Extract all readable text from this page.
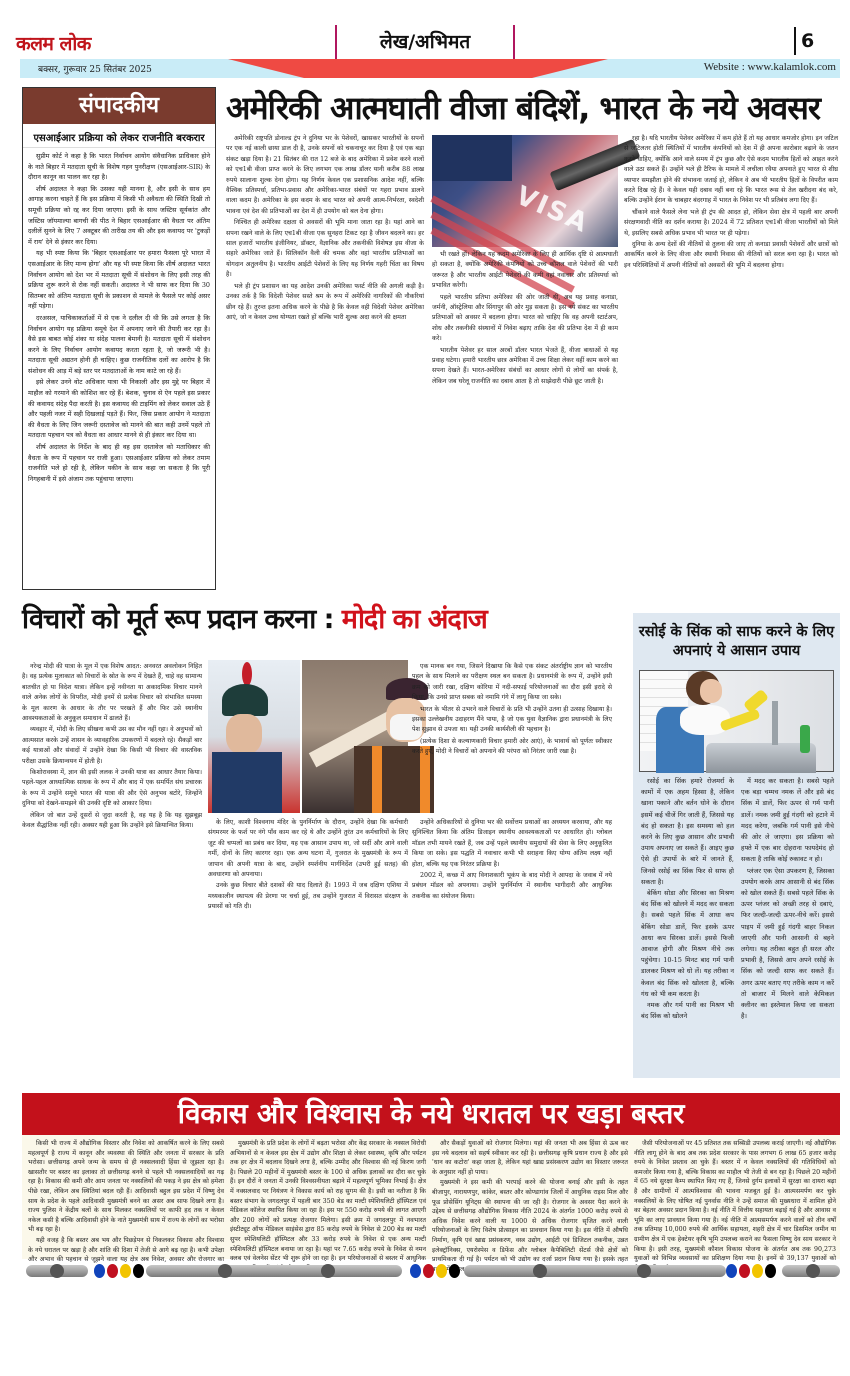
कलम लोक	लेख/अभिमत	6
बक्सर, गुरूवार 25 सितंबर 2025	Website : www.kalamlok.com
संपादकीय
एसआईआर प्रक्रिया को लेकर राजनीति बरकरार

सुप्रीम कोर्ट ने कहा है कि भारत निर्वाचन आयोग संवैधानिक प्राधिकार होने के नाते बिहार में मतदाता सूची के विशेष गहन पुनरीक्षण (एसआईआर-SIR) के दौरान कानून का पालन कर रहा है।

शीर्ष अदालत ने कहा कि उसका यही मानना है, और इसी के साथ हम आगाह करना चाहते हैं कि इस प्रक्रिया में किसी भी अवैधता की स्थिति दिखी तो समूची प्रक्रिया को रद्द कर दिया जाएगा। इसी के साथ जस्टिस सूर्यकांत और जस्टिस जॉयमाल्या बागची की पीठ ने बिहार एसआईआर की वैधता पर अंतिम दलीलें सुनने के लिए 7 अक्टूबर की तारीख तय की और इस कवायद पर 'टुकड़ों में राय' देने से इंकार कर दिया।

यह भी स्पष्ट किया कि 'बिहार एसआईआर पर हमारा फैसला पूरे भारत में एसआईआर के लिए मान्य होगा' और यह भी स्पष्ट किया कि शीर्ष अदालत भारत निर्वाचन आयोग को देश भर में मतदाता सूची में संशोधन के लिए इसी तरह की प्रक्रिया शुरू करने से रोक नहीं सकती। अदालत ने भी साफ कर दिया कि 30 सितम्बर को अंतिम मतदाता सूची के प्रकाशन से मामले के फैसले पर कोई असर नहीं पड़ेगा।

दरअसल, याचिकाकर्ताओं में से एक ने दलील दी थी कि उसे लगता है कि निर्वाचन आयोग यह प्रक्रिया समूचे देश में अपनाए जाने की तैयारी कर रहा है। वैसे इस बाबत कोई शंका या संदेह पालना बेमानी है। मतदाता सूची में संशोधन करने के लिए निर्वाचन आयोग कवायद करता रहता है, जो जरूरी भी है। मतदाता सूची अद्यतन होनी ही चाहिए। कुछ राजनीतिक दलों का आरोप है कि संशोधन की आड़ में बड़े स्तर पर मतदाताओं के नाम काटे जा रहे हैं।

इसे लेकर उनने वोट अधिकार यात्रा भी निकाली और इस मुद्दे पर बिहार में माहौल को गरमाने की कोशिश कर रहे हैं। बेशक, चुनाव से ऐन पहले इस प्रकार की कवायद संदेह पैदा करती है। इस कवायद की टाइमिंग को लेकर सवाल उठे हैं और पहली नजर में सही दिखलाई पड़ते हैं। फिर, जिस प्रकार आयोग ने मतदाता की वैधता के लिए जिन जरूरी दस्तावेज को मानने की बात कही उनमें पहले तो मतदाता पहचान पत्र को वैधता का आधार मानने से ही इंकार कर दिया था।

शीर्ष अदालत के निर्देश के बाद ही वह इस दस्तावेज को मताधिकार की वैधता के रूप में पहचान पर राजी हुआ। एसआईआर प्रक्रिया को लेकर तमाम राजनीति भले हो रही है, लेकिन यकीन के साथ कहा जा सकता है कि पूरी निगहबानी में इसे अंजाम तक पहुंचाया जाएगा।

अमेरिकी आत्मघाती वीजा बंदिशें, भारत के नये अवसर

अमेरिकी राष्ट्रपति डोनाल्ड ट्रंप ने दुनिया भर के पेशेवरों, खासकर भारतीयों के सपनों पर एक नई काली छाया डाल दी है, उनके सपनों को चकनाचूर कर दिया है एवं एक बड़ा संकट खड़ा दिया है। 21 सितंबर की रात 12 बजे के बाद अमेरिका में प्रवेश करने वालों को एच1बी वीजा प्राप्त करने के लिए लगभग एक लाख डॉलर यानी करीब 88 लाख रुपये सालाना शुल्क देना होगा। यह निर्णय केवल एक प्रशासनिक आदेश नहीं, बल्कि वैश्विक प्रतिस्पर्धा, प्रतिभा-प्रवास और अमेरिका-भारत संबंधों पर गहरा प्रभाव डालने वाला कदम है। अमेरिका के इस कदम के बाद भारत को अपनी आत्म-निर्भरता, स्वदेशी भावना एवं देश की प्रतिभाओं का देश में ही उपयोग को बल देना होगा।

निश्चित ही अमेरिका दक्षता से अवसरों की भूमि माना जाता रहा है। यहां आने का सपना रखने वाले के लिए एच1बी वीजा एक सुनहरा टिकट रहा है जीवन बदलने का। हर साल हजारों भारतीय इंजीनियर, डॉक्टर, वैज्ञानिक और तकनीकी विशेषज्ञ इस वीजा के सहारे अमेरिका जाते हैं। सिलिकॉन वैली की चमक और वहां भारतीय प्रतिभाओं का योगदान अतुलनीय है। भारतीय आईटी पेशेवरों के लिए यह निर्णय गहरी चिंता का विषय है।

भले ही ट्रंप प्रशासन का यह आदेश उनकी अमेरिका फर्स्ट नीति की अगली कड़ी है। उनका तर्क है कि विदेशी पेशेवर सस्ते श्रम के रूप में अमेरिकी नागरिकों की नौकरियां छीन रहे हैं। तुरन्त इतना अधिक करने के पीछे है कि केवल वही विदेशी पेशेवर अमेरिका आएं, जो न केवल उच्च योग्यता रखते हों बल्कि भारी शुल्क अदा करने की क्षमता

VISA

भी रखते हों। लेकिन यह कदम अमेरिका के लिए ही आर्थिक दृष्टि से आत्मघाती हो सकता है, क्योंकि अमेरिकी कंपनियों को उच्च कौशल वाले पेशेवरों की भारी जरूरत है और भारतीय आईटी पेशेवरों की कमी वहां नवाचार और प्रतिस्पर्धा को प्रभावित करेगी।

पहले भारतीय प्रतिभा अमेरिका की ओर जाती थी, अब यह प्रवाह कनाडा, जर्मनी, ऑस्ट्रेलिया और सिंगापुर की ओर मुड़ सकता है। इस नये संकट का भारतीय प्रतिभाओं को अवसर में बदलना होगा। भारत को चाहिए कि वह अपनी स्टार्टअप, शोध और तकनीकी संस्थानों में निवेश बढ़ाए ताकि देश की प्रतिभा देश में ही काम करे।

भारतीय पेशेवर हर साल अरबों डॉलर भारत भेजते हैं, वीजा बाधाओं से यह प्रवाह घटेगा। हमारी भारतीय छात्र अमेरिका में उच्च शिक्षा लेकर वहीं काम करने का सपना देखते हैं। भारत-अमेरिका संबंधों का आधार लोगों से लोगों का संपर्क है, लेकिन जब घरेलू राजनीति का दबाव आता है तो साझेदारी पीछे छूट जाती है।

रहा है। यदि भारतीय पेशेवर अमेरिका में कम होते हैं तो यह आधार कमजोर होगा। इन जटिल से जटिलतर होती स्थितियों में भारतीय कंपनियों को देश में ही अपना कारोबार बढ़ाने के जतन करने चाहिए, क्योंकि आने वाले समय में ट्रंप कुछ और ऐसे कदम भारतीय हितों को आहत करने वाले उठा सकते हैं। उन्होंने भले ही टैरिफ के मामले में लचीला रवैया अपनाते हुए भारत से शीघ्र व्यापार समझौता होने की संभावना जताई हो, लेकिन वे अब भी भारतीय हितों के विपरीत काम करते दिख रहे हैं। वे केवल यही दबाव नहीं बना रहे कि भारत रूस से तेल खरीदना बंद करे, बल्कि उन्होंने ईरान के चाबहार बंदरगाह में भारत के निवेश पर भी प्रतिबंध लगा दिए हैं।

चौंकाने वाले फैसले लेना भले ही ट्रंप की आदत हो, लेकिन सेवा क्षेत्र में पहली बार अपनी संरक्षणवादी नीति का दर्शन कराया है। 2024 में 72 प्रतिशत एच1बी वीजा भारतीयों को मिले थे, इसलिए सबसे अधिक प्रभाव भी भारत पर ही पड़ेगा।

दुनिया के अन्य देशों की नीतियों से तुलना की जाए तो कनाडा प्रवासी पेशेवरों और छात्रों को आकर्षित करने के लिए वीजा और स्थायी निवास की नीतियों को सरल बना रहा है। भारत को इन परिस्थितियों में अपनी नीतियों को अवसरों की भूमि में बदलना होगा।

विचारों को मूर्त रूप प्रदान करना : मोदी का अंदाज

नरेन्द्र मोदी की यात्रा के मूल में एक विशेष आदत: अनवरत अवलोकन निहित है। वह प्रत्येक मुलाकात को विचारों के स्रोत के रूप में देखते हैं, चाहे वह सामान्य बातचीत हो या विदेश यात्रा। लेकिन इन्हें नवीनता या अकादमिक विचार मानने वाले अनेक लोगों के विपरीत, मोदी इनमें से प्रत्येक विचार को संभावित समस्या के मूल कारण के आधार के तौर पर परखते हैं और फिर उसे स्थानीय आवश्यकताओं के अनुकूल समाधान में ढालते हैं।

व्यवहार में, मोदी के लिए सीखना कभी उस का मौन नहीं रहा। वे अनुभवों को आत्मसात करके उन्हें शासन के व्यावहारिक उपकरणों में बदलते रहे। सैकड़ों बार कई यात्राओं और संवादों में उन्होंने देखा कि किसी भी विचार की वास्तविक परीक्षा उसके क्रियान्वयन में होती है।

किशोरावस्था में, ज्ञान की इसी ललक ने उनकी यात्रा का आधार तैयार किया। पहले-पहल आध्यात्मिक साधक के रूप में और बाद में एक समर्पित संघ प्रचारक के रूप में उन्होंने समूचे भारत की यात्रा की और ऐसे अनुभव बटोरे, जिन्होंने दुनिया को देखने-समझने की उनकी दृष्टि को आकार दिया।

लेकिन जो बात उन्हें दूसरों से जुदा करती है, वह यह है कि यह सुझबूझ केवल सैद्धांतिक नहीं रही। अक्सर यही हुआ कि उन्होंने इसे क्रियान्वित किया।	के लिए, काशी विश्वनाथ मंदिर के पुनर्निर्माण के दौरान, उन्होंने देखा कि कर्मचारी संगमरमर के फर्श पर नंगे पाँव काम कर रहे थे और उन्होंने तुरंत उन कर्मचारियों के लिए जूट की चप्पलों का प्रबंध कर दिया, यह एक आसान उपाय था, जो सर्दी और आने वाली गर्मी, दोनों के लिए कारगर रहा। एक अन्य घटना में, गुजरात के मुख्यमंत्री के रूप में जापान की अपनी यात्रा के बाद, उन्होंने स्पर्शनीय मार्गनिर्देश (उभरी हुई सतह) की अवधारणा को अपनाया।

उनके कुछ विचार बीते दशकों की याद दिलाते हैं। 1993 में जब दक्षिण एशिया में मध्यकालीन स्थापत्य की प्रेरणा पर चर्चा हुई, तब उन्होंने गुजरात में विरासत संरक्षण के प्रयासों को गति दी।

उन्होंने अधिकारियों से दुनिया भर की सर्वोत्तम प्रथाओं का अध्ययन करवाया, और यह सुनिश्चित किया कि अंतिम डिजाइन स्थानीय आवश्यकताओं पर आधारित हो। ग्लोबल मॉडल तभी मायने रखते हैं, जब उन्हें पहले स्थानीय समुदायों की सेवा के लिए अनुकूलित किया जा सके। इस पद्धति में नवाचार कभी भी सराहना किए योग्य अंतिम लक्ष्य नहीं होता, बल्कि यह एक निरंतर प्रक्रिया है।

2002 में, कच्छ में आए विनाशकारी भूकंप के बाद मोदी ने आपदा के जवाब में नये प्रबंधन मॉडल को अपनाया। उन्होंने पुनर्निर्माण में स्थानीय भागीदारी और आधुनिक तकनीक का संयोजन किया।

एक मानक बन गया, जिसने दिखाया कि कैसे एक संकट अंतर्राष्ट्रीय ज्ञान को भारतीय पहल के साथ मिलाने का परीक्षण स्थल बन सकता है। प्रधानमंत्री के रूप में, उन्होंने इसी क्रम को जारी रखा, दक्षिण कोरिया में नदी-सफाई परियोजनाओं का दौरा इसी इरादे से किया, कि उनसे प्राप्त सबक को नमामि गंगे में लागू किया जा सके।

भारत के भीतर से उभरने वाले विचारों के प्रति भी उन्होंने उतना ही उत्साह दिखाया है। इसका उल्लेखनीय उदाहरण मैंने पाया, है जो एक युवा वैज्ञानिक द्वारा प्रधानमंत्री के लिए पेश सुझाव से उपजा था। यही उनकी कार्यशैली की पहचान है।

(प्रत्येक दिशा से कल्याणकारी विचार हमारी ओर आएं), के भावार्थ को पूर्णतः स्वीकार करते हुए, मोदी ने विचारों को अपनाने की परंपरा को निरंतर जारी रखा है।

रसोई के सिंक को साफ करने के लिए अपनाएं ये आसान उपाय

रसोई का सिंक हमारे रोजमर्रा के कामों में एक अहम हिस्सा है, लेकिन खाना पकाने और बर्तन धोने के दौरान इसमें कई चीजें गिर जाती हैं, जिससे यह बंद हो सकता है। इस समस्या को हल करने के लिए कुछ आसान और प्रभावी उपाय अपनाए जा सकते हैं। आइए कुछ ऐसे ही उपायों के बारे में जानते हैं, जिनसे रसोई का सिंक फिर से साफ हो सकता है।

बेकिंग सोडा और सिरका का मिश्रण बंद सिंक को खोलने में मदद कर सकता है। सबसे पहले सिंक में आधा कप बेकिंग सोडा डालें, फिर इसके ऊपर आधा कप सिरका डालें। इससे फिजी आवाज होगी और मिश्रण नीचे तक पहुंचेगा। 10-15 मिनट बाद गर्म पानी डालकर मिश्रण को धो लें। यह तरीका न केवल बंद सिंक को खोलता है, बल्कि गंध को भी कम करता है।

नमक और गर्म पानी का मिश्रण भी बंद सिंक को खोलने

में मदद कर सकता है। सबसे पहले एक बड़ा चम्मच नमक लें और इसे बंद सिंक में डालें, फिर ऊपर से गर्म पानी डालें। नमक जमी हुई गंदगी को हटाने में मदद करेगा, जबकि गर्म पानी इसे नीचे की ओर ले जाएगा। इस प्रक्रिया को हफ्ते में एक बार दोहराना फायदेमंद हो सकता है ताकि कोई रुकावट न हो।

प्लंजर एक ऐसा उपकरण है, जिसका उपयोग करके आप आसानी से बंद सिंक को खोल सकते हैं। सबसे पहले सिंक के ऊपर प्लंजर को अच्छी तरह से दबाएं, फिर जल्दी-जल्दी ऊपर-नीचे करें। इससे पाइप में जमी हुई गंदगी बाहर निकल जाएगी और पानी आसानी से बहने लगेगा। यह तरीका बहुत ही सरल और प्रभावी है, जिससे आप अपने रसोई के सिंक को जल्दी साफ कर सकते हैं। अगर ऊपर बताए गए तरीके काम न करें तो बाजार में मिलने वाले केमिकल क्लीनर का इस्तेमाल किया जा सकता है।

विकास और विश्वास के नये धरातल पर खड़ा बस्तर

किसी भी राज्य में औद्योगिक विस्तार और निवेश को आकर्षित करने के लिए सबसे महत्वपूर्ण है राज्य में कानून और व्यवस्था की स्थिति और जनता में सरकार के प्रति भरोसा। छत्तीसगढ़ अपने जन्म के समय से ही नक्सलवादी हिंसा से जूझता रहा है। खासतौर पर बस्तर का इलाका तो छत्तीसगढ़ बनने से पहले भी नक्सलवादियों का गढ़ रहा है। विकास की कमी और आम जनता पर नक्सलियों की पकड़ ने इस क्षेत्र को हमेशा पीछे रखा, लेकिन अब स्थितियां बदल रही हैं। आदिवासी बहुल इस प्रदेश में विष्णु देव साय के प्रदेश के पहले आदिवासी मुख्यमंत्री बनने का असर अब साफ दिखने लगा है। राज्य पुलिस ने केंद्रीय बलों के साथ मिलकर नक्सलियों पर काफी हद तक न केवल नकेल कसी है बल्कि आदिवासी होने के नाते मुख्यमंत्री साय में राज्य के लोगों का भरोसा भी बढ़ रहा है।

यही वजह है कि बस्तर अब भय और पिछड़ेपन से निकलकर विकास और विश्वास के नये धरातल पर खड़ा है और शांति की दिशा में तेजी से आगे बढ़ रहा है। कभी उपेक्षा और अभाव की पहचान से जूझने वाला यह क्षेत्र अब निवेश, अवसर और रोजगार का

मुख्यमंत्री के प्रति प्रदेश के लोगों में बढ़ता भरोसा और केंद्र सरकार के नक्सल विरोधी अभियानों से न केवल इस क्षेत्र में उद्योग और शिक्षा से लेकर स्वास्थ्य, कृषि और पर्यटन तक हर क्षेत्र में बदलाव दिखने लगा है, बल्कि उम्मीद और विश्वास की नई किरण जगी है। पिछले 20 महीनों में मुख्यमंत्री बस्तर के 100 से अधिक इलाकों का दौरा कर चुके हैं। इन दौरों ने जनता में उनकी विश्वसनीयता बढ़ाने में महत्वपूर्ण भूमिका निभाई है। क्षेत्र में नक्सलवाद पर नियंत्रण ने विकास कार्य को राह सुगम की है। इसी का नतीजा है कि बस्तर संभाग के जगदलपुर में पहली बार 350 बेड का मल्टी स्पेशियलिटी हॉस्पिटल एवं मेडिकल कॉलेज स्थापित किया जा रहा है। इस पर 550 करोड़ रुपये की लागत आएगी और 200 लोगों को प्रत्यक्ष रोजगार मिलेगा। इसी क्रम में जगदलपुर में नवभारत इंस्टीट्यूट ऑफ मेडिकल साइंसेस द्वारा 85 करोड़ रुपये के निवेश से 200 बेड का मल्टी सुपर स्पेशियलिटी हॉस्पिटल और 33 करोड़ रुपये के निवेश से एक अन्य मल्टी स्पेशियलिटी हॉस्पिटल बनाया जा रहा है। यहां पर 7.65 करोड़ रुपये के निवेश से नमन क्लब एवं वेलनेस सेंटर भी शुरू होने जा रहा है। इन परियोजनाओं से बस्तर में आधुनिक

और सैकड़ों युवाओं को रोजगार मिलेगा। यहां की जनता भी अब हिंसा से ऊब कर इस नये बदलाव को सहर्ष स्वीकार कर रही है। छत्तीसगढ़ कृषि प्रधान राज्य है और इसे 'धान का कटोरा' कहा जाता है, लेकिन यहां खाद्य प्रसंस्करण उद्योग का विस्तार जरूरत के अनुसार नहीं हो पाया।

मुख्यमंत्री ने इस कमी की भरपाई करने की योजना बनाई और इसी के तहत बीजापुर, नारायणपुर, कांकेर, बस्तर और कोण्डागांव जिलों में आधुनिक राइस मिल और फूड प्रोसेसिंग यूनिट्स की स्थापना की जा रही है। रोजगार के अवसर पैदा करने के उद्देश्य से छत्तीसगढ़ औद्योगिक विकास नीति 2024 के अंतर्गत 1000 करोड़ रुपये से अधिक निवेश करने वाली या 1000 से अधिक रोजगार सृजित करने वाली परियोजनाओं के लिए विशेष प्रोत्साहन का प्रावधान किया गया है। इस नीति में औषधि निर्माण, कृषि एवं खाद्य प्रसंस्करण, वस्त्र उद्योग, आईटी एवं डिजिटल तकनीक, उन्नत इलेक्ट्रॉनिक्स, एयरोस्पेस व डिफेंस और ग्लोबल कैपेबिलिटी सेंटर्स जैसे क्षेत्रों को प्राथमिकता दी गई है। पर्यटन को भी उद्योग का दर्जा प्रदान किया गया है। इसके तहत

जैसी परियोजनाओं पर 45 प्रतिशत तक सब्सिडी उपलब्ध कराई जाएगी। नई औद्योगिक नीति लागू होने के बाद अब तक प्रदेश सरकार के पास लगभग 6 लाख 65 हजार करोड़ रुपये के निवेश प्रस्ताव आ चुके हैं। बस्तर में न केवल नक्सलियों की गतिविधियों को कमजोर किया गया है, बल्कि विकास का माहौल भी तेजी से बन रहा है। पिछले 20 महीनों में 65 नये सुरक्षा कैम्प स्थापित किए गए हैं, जिनसे दुर्गम इलाकों में सुरक्षा का दायरा बढ़ा है और ग्रामीणों में आत्मविश्वास की भावना मजबूत हुई है। आत्मसमर्पण कर चुके नक्सलियों के लिए घोषित नई पुनर्वास नीति ने उन्हें समाज की मुख्यधारा में शामिल होने का बेहतर अवसर प्रदान किया है। नई नीति में वित्तीय सहायता बढ़ाई गई है और आवास व भूमि का लाए प्रावधान किया गया है। नई नीति में आत्मसमर्पण करने वालों को तीन वर्षों तक प्रतिमाह 10,000 रुपये की आर्थिक सहायता, शहरी क्षेत्र में चार डिसमिल जमीन या ग्रामीण क्षेत्र में एक हेक्टेयर कृषि भूमि उपलब्ध कराने का फैसला विष्णु देव साय सरकार ने किया है। इसी तरह, मुख्यमंत्री कौशल विकास योजना के अंतर्गत अब तक 90,273 युवाओं को विभिन्न व्यवसायों का प्रशिक्षण दिया गया है। इनमें से 39,137 युवाओं को
